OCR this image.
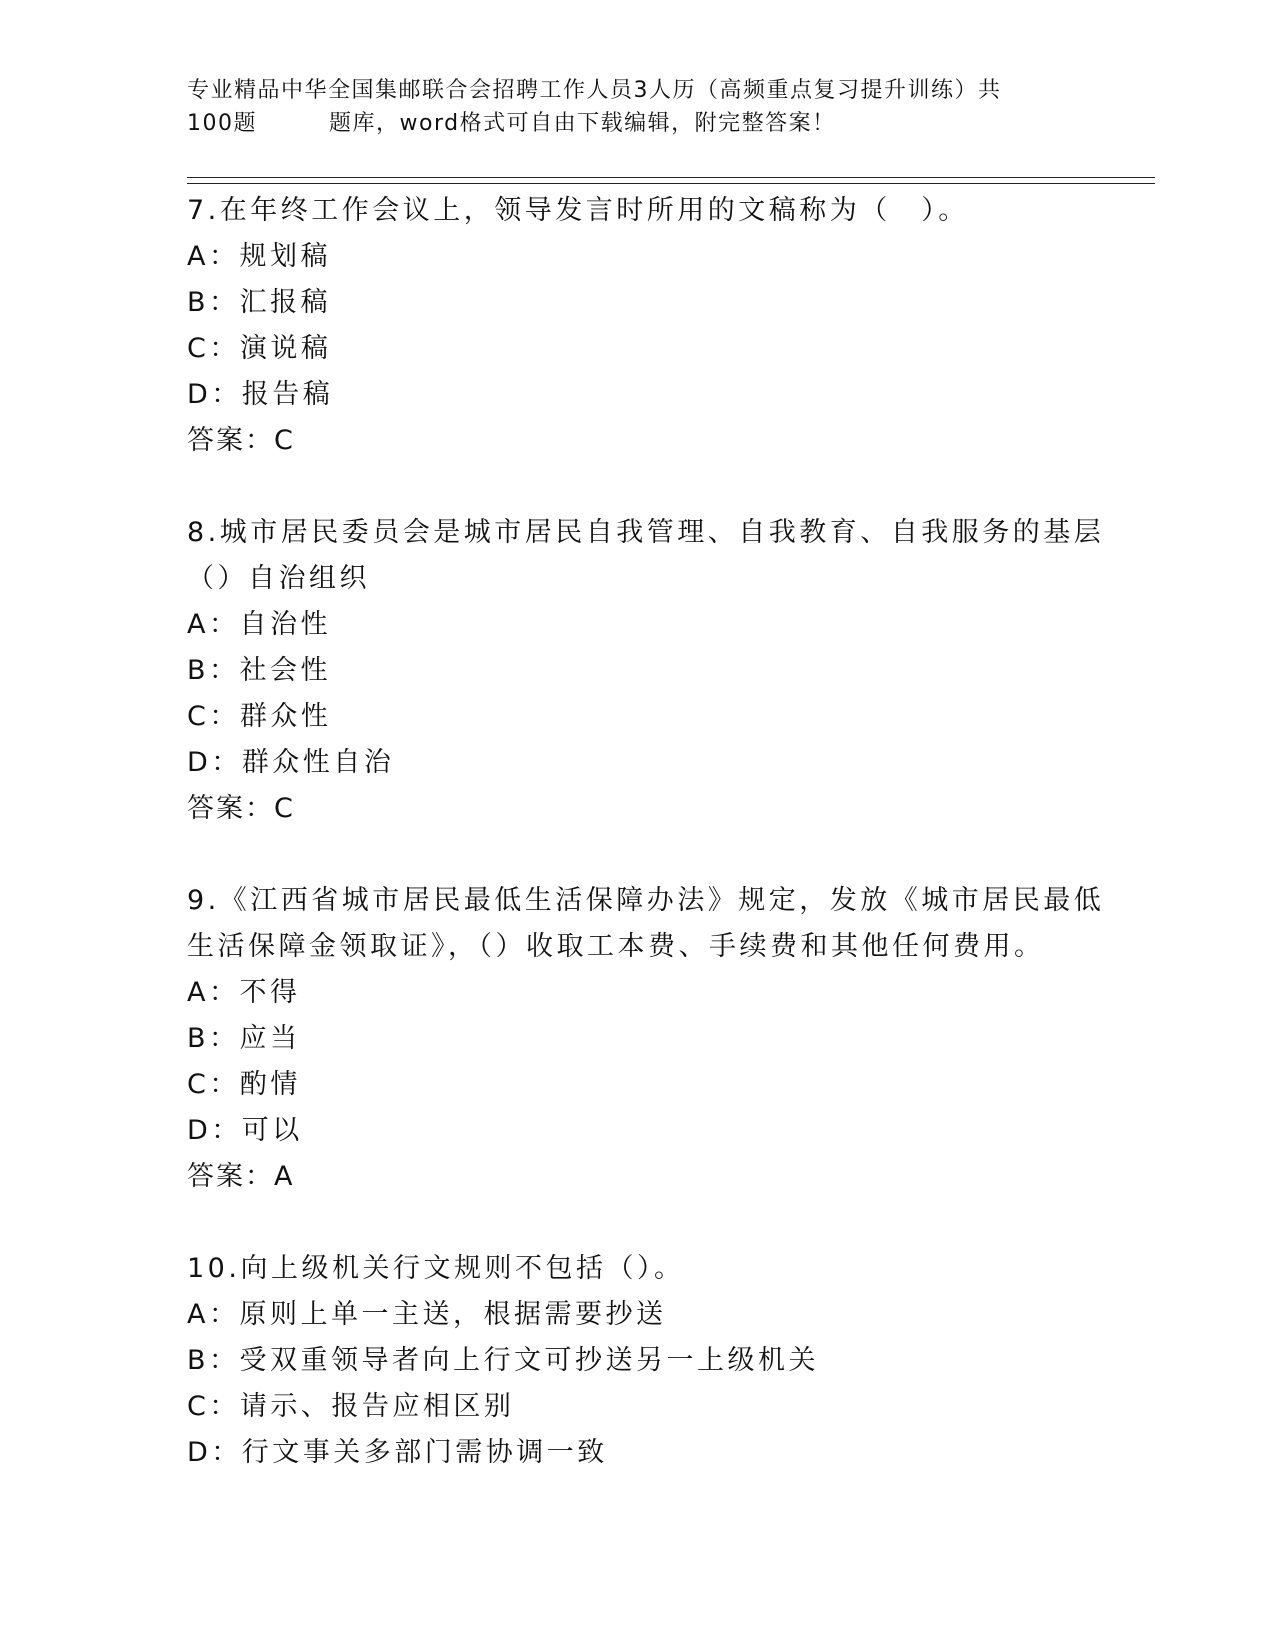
专业精品中华全国集邮联合会招聘工作人员3人历（高频重点复习提升训练）共
100题	题库，word格式可自由下载编辑，附完整答案！
7.在年终工作会议上，领导发言时所用的文稿称为（　）。
A：规划稿
B：汇报稿
C：演说稿
D：报告稿
答案：C
8.城市居民委员会是城市居民自我管理、自我教育、自我服务的基层
（）自治组织
A：自治性
B：社会性
C：群众性
D：群众性自治
答案：C
9.《江西省城市居民最低生活保障办法》规定，发放《城市居民最低
生活保障金领取证》，（）收取工本费、手续费和其他任何费用。
A：不得
B：应当
C：酌情
D：可以
答案：A
10.向上级机关行文规则不包括（）。
A：原则上单一主送，根据需要抄送
B：受双重领导者向上行文可抄送另一上级机关
C：请示、报告应相区别
D：行文事关多部门需协调一致
